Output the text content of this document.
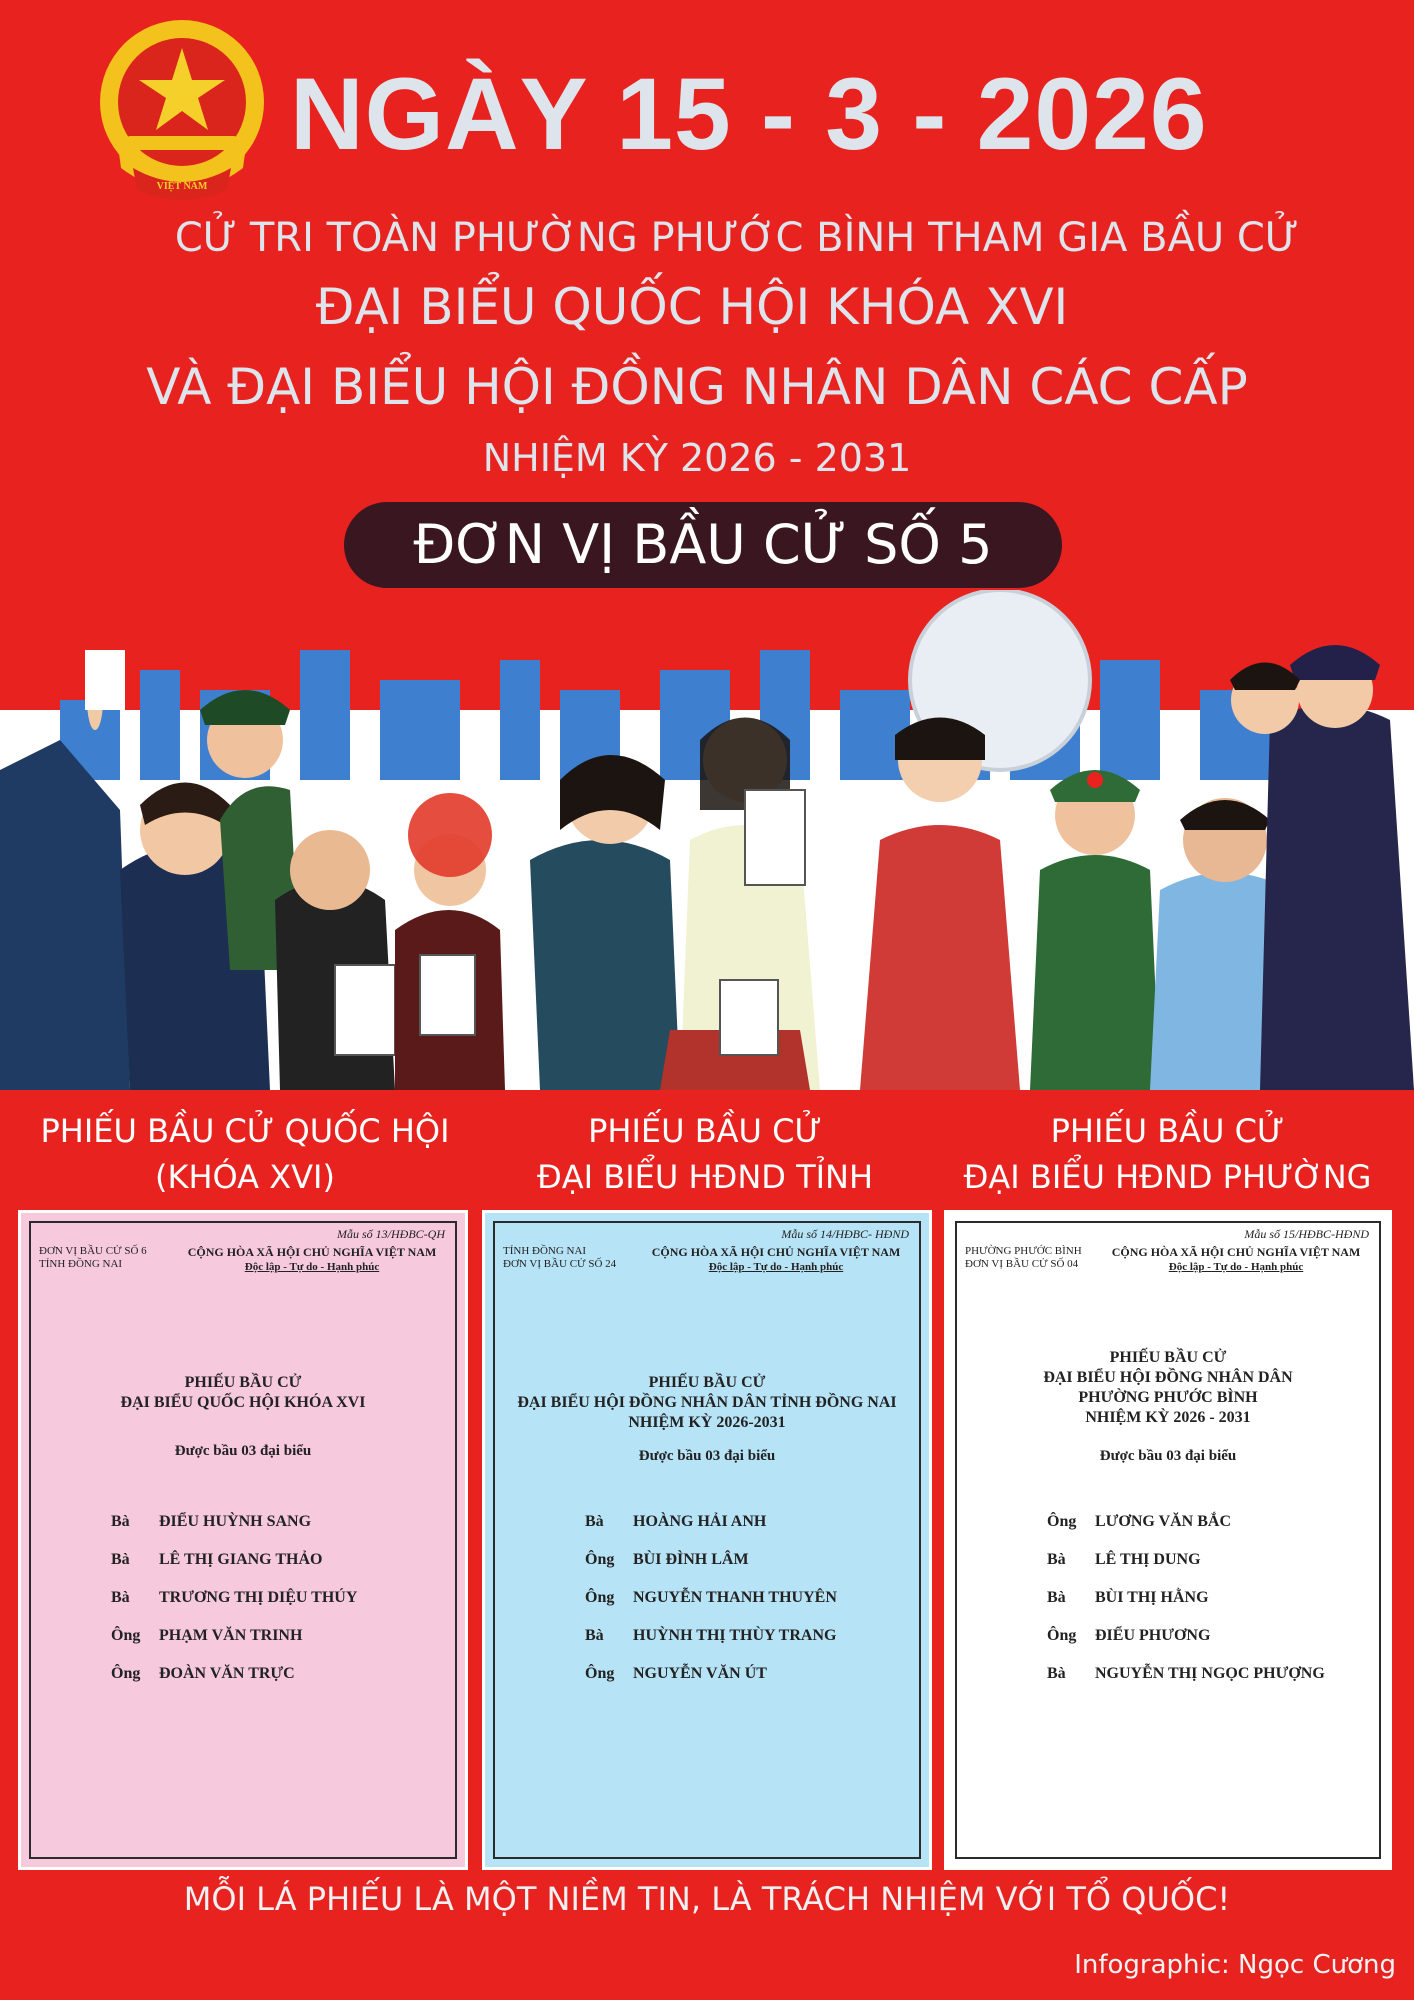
VIỆT NAM
NGÀY 15 - 3 - 2026
CỬ TRI TOÀN PHƯỜNG PHƯỚC BÌNH THAM GIA BẦU CỬ
ĐẠI BIỂU QUỐC HỘI KHÓA XVI
VÀ ĐẠI BIỂU HỘI ĐỒNG NHÂN DÂN CÁC CẤP
NHIỆM KỲ 2026 - 2031
ĐƠN VỊ BẦU CỬ SỐ 5
PHIẾU BẦU CỬ QUỐC HỘI
(KHÓA XVI)
PHIẾU BẦU CỬ
ĐẠI BIỂU HĐND TỈNH
PHIẾU BẦU CỬ
ĐẠI BIỂU HĐND PHƯỜNG
Mẫu số 13/HĐBC-QH
ĐƠN VỊ BẦU CỬ SỐ 6
TỈNH ĐỒNG NAI
CỘNG HÒA XÃ HỘI CHỦ NGHĨA VIỆT NAM
Độc lập - Tự do - Hạnh phúc
PHIẾU BẦU CỬ
ĐẠI BIỂU QUỐC HỘI KHÓA XVI
Được bầu 03 đại biểu
Bà	ĐIỂU HUỲNH SANG
Bà	LÊ THỊ GIANG THẢO
Bà	TRƯƠNG THỊ DIỆU THÚY
Ông	PHẠM VĂN TRINH
Ông	ĐOÀN VĂN TRỰC
Mẫu số 14/HĐBC- HĐND
TỈNH ĐỒNG NAI
ĐƠN VỊ BẦU CỬ SỐ 24
CỘNG HÒA XÃ HỘI CHỦ NGHĨA VIỆT NAM
Độc lập - Tự do - Hạnh phúc
PHIẾU BẦU CỬ
ĐẠI BIỂU HỘI ĐỒNG NHÂN DÂN TỈNH ĐỒNG NAI
NHIỆM KỲ 2026-2031
Được bầu 03 đại biểu
Bà	HOÀNG HẢI ANH
Ông	BÙI ĐÌNH LÂM
Ông	NGUYỄN THANH THUYÊN
Bà	HUỲNH THỊ THÙY TRANG
Ông	NGUYỄN VĂN ÚT
Mẫu số 15/HĐBC-HĐND
PHƯỜNG PHƯỚC BÌNH
ĐƠN VỊ BẦU CỬ SỐ 04
CỘNG HÒA XÃ HỘI CHỦ NGHĨA VIỆT NAM
Độc lập - Tự do - Hạnh phúc
PHIẾU BẦU CỬ
ĐẠI BIỂU HỘI ĐỒNG NHÂN DÂN
PHƯỜNG PHƯỚC BÌNH
NHIỆM KỲ 2026 - 2031
Được bầu 03 đại biểu
Ông	LƯƠNG VĂN BẮC
Bà	LÊ THỊ DUNG
Bà	BÙI THỊ HẰNG
Ông	ĐIỂU PHƯƠNG
Bà	NGUYỄN THỊ NGỌC PHƯỢNG
MỖI LÁ PHIẾU LÀ MỘT NIỀM TIN, LÀ TRÁCH NHIỆM VỚI TỔ QUỐC!
Infographic: Ngọc Cương
